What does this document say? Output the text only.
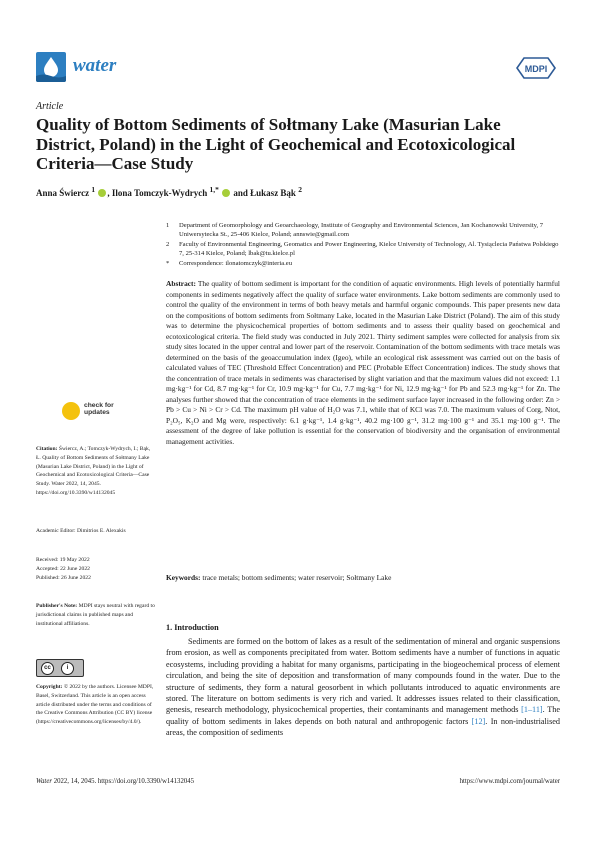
water	MDPI
Article
Quality of Bottom Sediments of Sołtmany Lake (Masurian Lake District, Poland) in the Light of Geochemical and Ecotoxicological Criteria—Case Study
Anna Świercz $^1$ , Ilona Tomczyk-Wydrych $^{1,*}$  and Łukasz Bąk $^2$
1 Department of Geomorphology and Geoarchaeology, Institute of Geography and Environmental Sciences, Jan Kochanowski University, 7 Uniwersytecka St., 25-406 Kielce, Poland; annswie@gmail.com
2 Faculty of Environmental Engineering, Geomatics and Power Engineering, Kielce University of Technology, Al. Tysiąclecia Państwa Polskiego 7, 25-314 Kielce, Poland; lbak@tu.kielce.pl
* Correspondence: ilonatomczyk@interia.eu
Abstract: The quality of bottom sediment is important for the condition of aquatic environments. High levels of potentially harmful components in sediments negatively affect the quality of surface water environments. Lake bottom sediments are commonly used to control the quality of the environment in terms of both heavy metals and harmful organic compounds. This paper presents new data on the compositions of bottom sediments from Sołtmany Lake, located in the Masurian Lake District (Poland). The aim of this study was to determine the physicochemical properties of bottom sediments and to assess their quality based on geochemical and ecotoxicological criteria. The field study was conducted in July 2021. Thirty sediment samples were collected for analysis from six study sites located in the upper central and lower part of the reservoir. Contamination of the bottom sediments with trace metals was determined on the basis of the geoaccumulation index (Igeo), while an ecological risk assessment was carried out on the basis of calculated values of TEC (Threshold Effect Concentration) and PEC (Probable Effect Concentration) indices. The study shows that the concentration of trace metals in sediments was characterised by slight variation and that the maximum values did not exceed: 1.1 mg·kg⁻¹ for Cd, 8.7 mg·kg⁻¹ for Cr, 10.9 mg·kg⁻¹ for Cu, 7.7 mg·kg⁻¹ for Ni, 12.9 mg·kg⁻¹ for Pb and 52.3 mg·kg⁻¹ for Zn. The analyses further showed that the concentration of trace elements in the sediment surface layer increased in the following order: Zn > Pb > Cu > Ni > Cr > Cd. The maximum pH value of H₂O was 7.1, while that of KCl was 7.0. The maximum values of Corg, Ntot, P₂O₅, K₂O and Mg were, respectively: 6.1 g·kg⁻¹, 1.4 g·kg⁻¹, 40.2 mg·100 g⁻¹, 31.2 mg·100 g⁻¹ and 35.1 mg·100 g⁻¹. The assessment of the degree of lake pollution is essential for the conservation of biodiversity and the organisation of environmental management activities.
Keywords: trace metals; bottom sediments; water reservoir; Sołtmany Lake
check for
updates
Citation: Świercz, A.; Tomczyk-Wydrych, I.; Bąk, Ł. Quality of Bottom Sediments of Sołtmany Lake (Masurian Lake District, Poland) in the Light of Geochemical and Ecotoxicological Criteria—Case Study. Water 2022, 14, 2045. https://doi.org/10.3390/w14132045
Academic Editor: Dimitrios E. Alexakis
Received: 19 May 2022
Accepted: 22 June 2022
Published: 26 June 2022
Publisher's Note: MDPI stays neutral with regard to jurisdictional claims in published maps and institutional affiliations.
cc	i
Copyright: © 2022 by the authors. Licensee MDPI, Basel, Switzerland. This article is an open access article distributed under the terms and conditions of the Creative Commons Attribution (CC BY) license (https://creativecommons.org/licenses/by/4.0/).
1. Introduction
Sediments are formed on the bottom of lakes as a result of the sedimentation of mineral and organic suspensions from erosion, as well as components precipitated from water. Bottom sediments have a number of functions in aquatic ecosystems, including providing a habitat for many organisms, participating in the biogeochemical process of element circulation, and being the site of deposition and transformation of many compounds found in the water. Due to the structure of sediments, they form a natural geosorbent in which pollutants introduced to aquatic environments are stored. The literature on bottom sediments is very rich and varied. It addresses issues related to their classification, genesis, research methodology, physicochemical properties, their contaminants and management methods [1–11]. The quality of bottom sediments in lakes depends on both natural and anthropogenic factors [12]. In non-industrialised areas, the composition of sediments
Water 2022, 14, 2045. https://doi.org/10.3390/w14132045	https://www.mdpi.com/journal/water
